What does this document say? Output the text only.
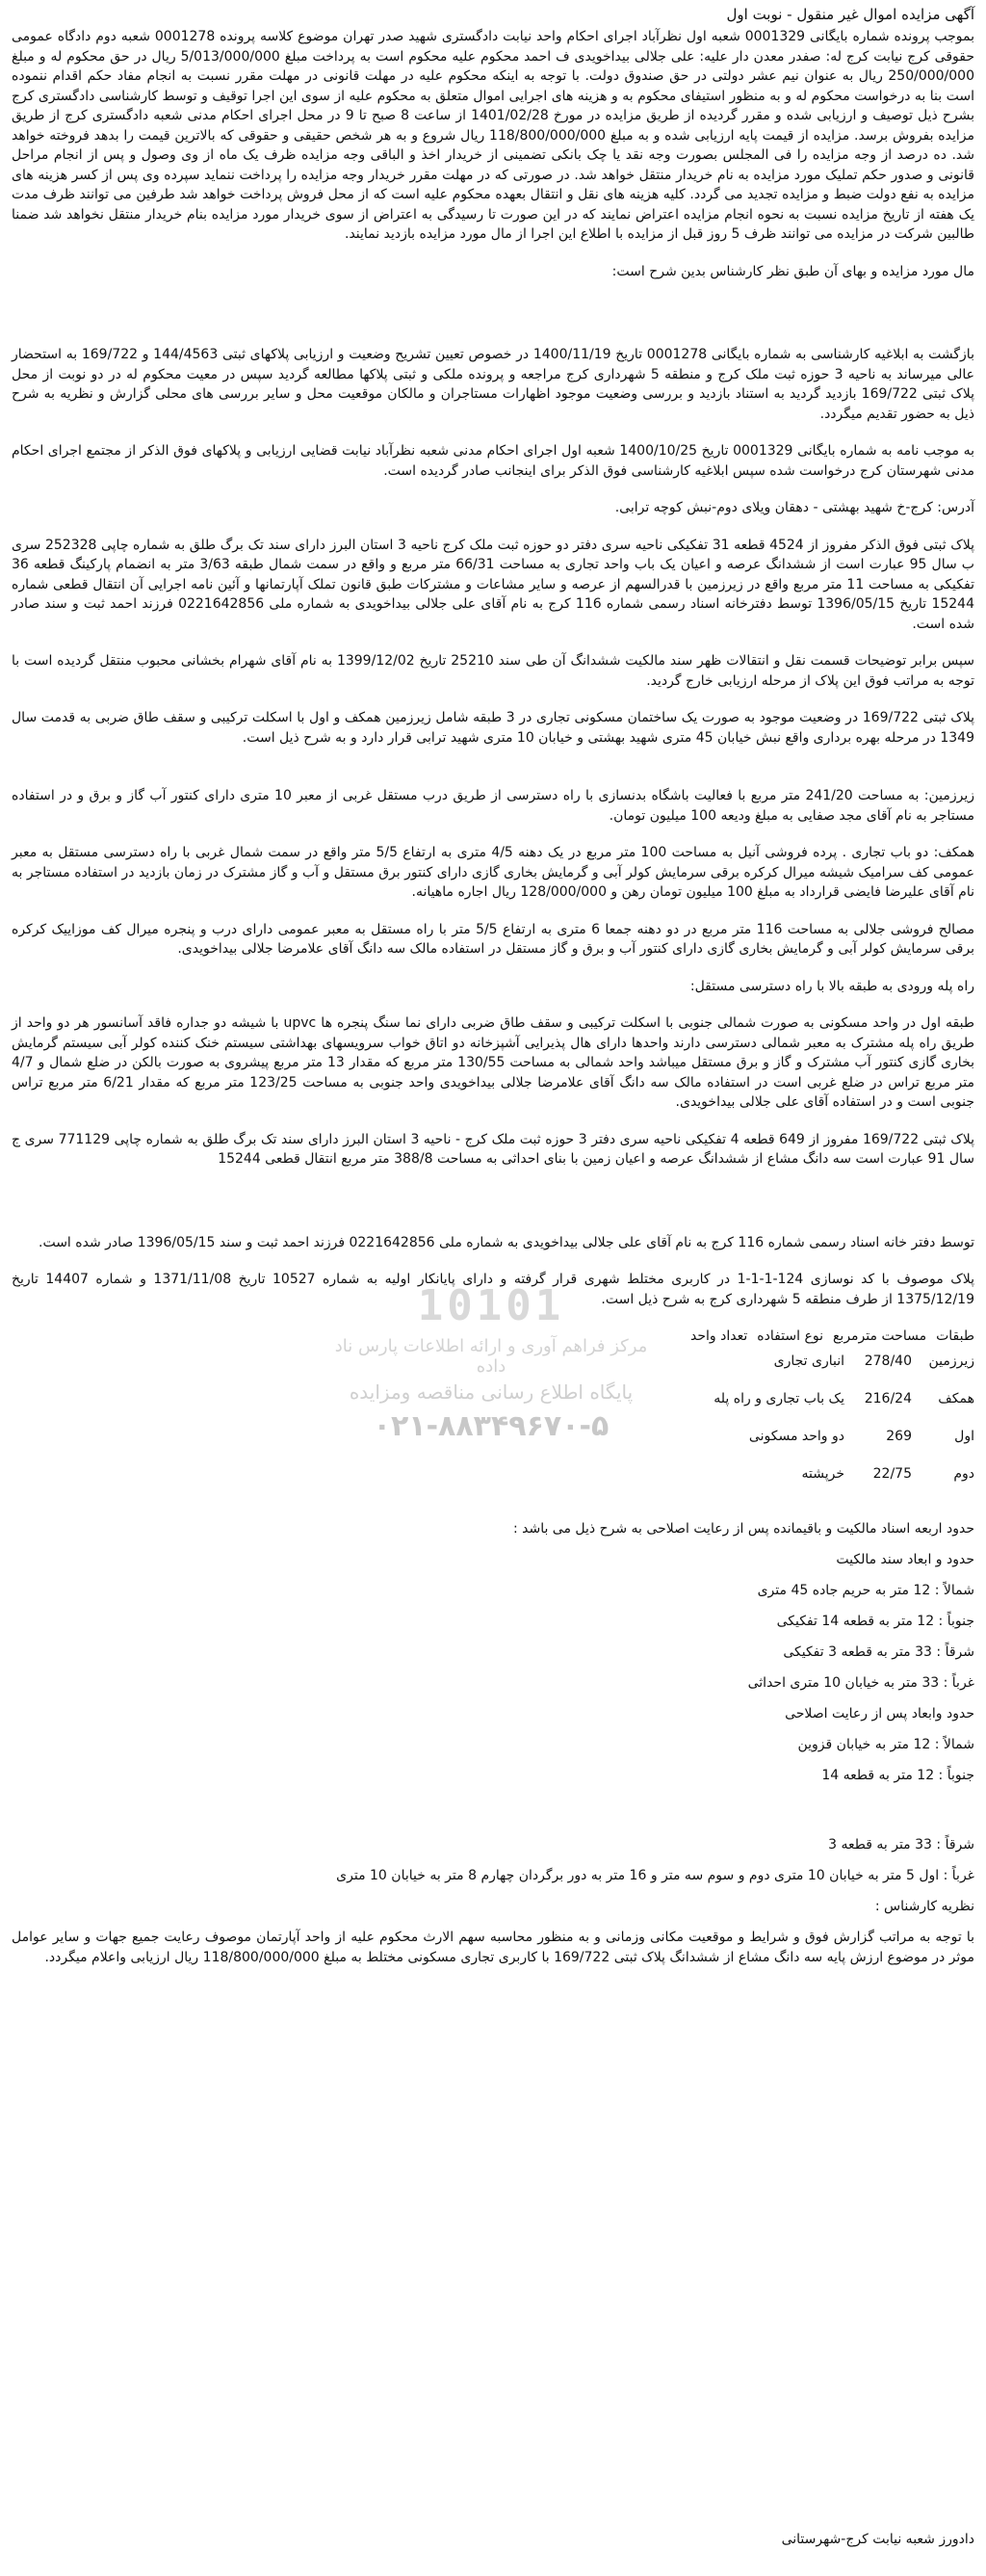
آگهی مزایده اموال غیر منقول - نوبت اول

بموجب پرونده شماره بایگانی 0001329 شعبه اول نظرآباد اجرای احکام واحد نیابت دادگستری شهید صدر تهران موضوع کلاسه پرونده 0001278 شعبه دوم دادگاه عمومی حقوقی کرج نیابت کرج له: صفدر معدن دار علیه: علی جلالی بیداخویدی ف احمد محکوم علیه محکوم است به پرداخت مبلغ 5/013/000/000 ریال در حق محکوم له و مبلغ 250/000/000 ریال به عنوان نیم عشر دولتی در حق صندوق دولت. با توجه به اینکه محکوم علیه در مهلت قانونی در مهلت مقرر نسبت به انجام مفاد حکم اقدام ننموده است بنا به درخواست محکوم له و به منظور استیفای محکوم به و هزینه های اجرایی اموال متعلق به محکوم علیه از سوی این اجرا توقیف و توسط کارشناسی دادگستری کرج بشرح ذیل توصیف و ارزیابی شده و مقرر گردیده از طریق مزایده در مورخ 1401/02/28 از ساعت 8 صبح تا 9 در محل اجرای احکام مدنی شعبه دادگستری کرج از طریق مزایده بفروش برسد. مزایده از قیمت پایه ارزیابی شده و به مبلغ 118/800/000/000 ریال شروع و به هر شخص حقیقی و حقوقی که بالاترین قیمت را بدهد فروخته خواهد شد. ده درصد از وجه مزایده را فی المجلس بصورت وجه نقد یا چک بانکی تضمینی از خریدار اخذ و الباقی وجه مزایده ظرف یک ماه از وی وصول و پس از انجام مراحل قانونی و صدور حکم تملیک مورد مزایده به نام خریدار منتقل خواهد شد. در صورتی که در مهلت مقرر خریدار وجه مزایده را پرداخت ننماید سپرده وی پس از کسر هزینه های مزایده به نفع دولت ضبط و مزایده تجدید می گردد. کلیه هزینه های نقل و انتقال بعهده محکوم علیه است که از محل فروش پرداخت خواهد شد طرفین می توانند ظرف مدت یک هفته از تاریخ مزایده نسبت به نحوه انجام مزایده اعتراض نمایند که در این صورت تا رسیدگی به اعتراض از سوی خریدار مورد مزایده بنام خریدار منتقل نخواهد شد ضمنا طالبین شرکت در مزایده می توانند ظرف 5 روز قبل از مزایده با اطلاع این اجرا از مال مورد مزایده بازدید نمایند.

مال مورد مزایده و بهای آن طبق نظر کارشناس بدین شرح است:

بازگشت به ابلاغیه کارشناسی به شماره بایگانی 0001278 تاریخ 1400/11/19 در خصوص تعیین تشریح وضعیت و ارزیابی پلاکهای ثبتی 144/4563 و 169/722 به استحضار عالی میرساند به ناحیه 3 حوزه ثبت ملک کرج و منطقه 5 شهرداری کرج مراجعه و پرونده ملکی و ثبتی پلاکها مطالعه گردید سپس در معیت محکوم له در دو نوبت از محل پلاک ثبتی 169/722 بازدید گردید به استناد بازدید و بررسی وضعیت موجود اظهارات مستاجران و مالکان موقعیت محل و سایر بررسی های محلی گزارش و نظریه به شرح ذیل به حضور تقدیم میگردد.

به موجب نامه به شماره بایگانی 0001329 تاریخ 1400/10/25 شعبه اول اجرای احکام مدنی شعبه نظرآباد نیابت قضایی ارزیابی و پلاکهای فوق الذکر از مجتمع اجرای احکام مدنی شهرستان کرج درخواست شده سپس ابلاغیه کارشناسی فوق الذکر برای اینجانب صادر گردیده است.

آدرس: کرج-خ شهید بهشتی - دهقان ویلای دوم-نبش کوچه ترابی.

پلاک ثبتی فوق الذکر مفروز از 4524 قطعه 31 تفکیکی ناحیه سری دفتر دو حوزه ثبت ملک کرج ناحیه 3 استان البرز دارای سند تک برگ طلق به شماره چاپی 252328 سری ب سال 95 عبارت است از ششدانگ عرصه و اعیان یک باب واحد تجاری به مساحت 66/31 متر مربع و واقع در سمت شمال طبقه 3/63 متر به انضمام پارکینگ قطعه 36 تفکیکی به مساحت 11 متر مربع واقع در زیرزمین با قدرالسهم از عرصه و سایر مشاعات و مشترکات طبق قانون تملک آپارتمانها و آئین نامه اجرایی آن انتقال قطعی شماره 15244 تاریخ 1396/05/15 توسط دفترخانه اسناد رسمی شماره 116 کرج به نام آقای علی جلالی بیداخویدی به شماره ملی 0221642856 فرزند احمد ثبت و سند صادر شده است.

سپس برابر توضیحات قسمت نقل و انتقالات ظهر سند مالکیت ششدانگ آن طی سند 25210 تاریخ 1399/12/02 به نام آقای شهرام بخشانی محبوب منتقل گردیده است با توجه به مراتب فوق این پلاک از مرحله ارزیابی خارج گردید.

پلاک ثبتی 169/722 در وضعیت موجود به صورت یک ساختمان مسکونی تجاری در 3 طبقه شامل زیرزمین همکف و اول با اسکلت ترکیبی و سقف طاق ضربی به قدمت سال 1349 در مرحله بهره برداری واقع نبش خیابان 45 متری شهید بهشتی و خیابان 10 متری شهید ترابی قرار دارد و به شرح ذیل است.

زیرزمین: به مساحت 241/20 متر مربع با فعالیت باشگاه بدنسازی با راه دسترسی از طریق درب مستقل غربی از معبر 10 متری دارای کنتور آب گاز و برق و در استفاده مستاجر به نام آقای مجد صفایی به مبلغ ودیعه 100 میلیون تومان.

همکف: دو باب تجاری . پرده فروشی آنیل به مساحت 100 متر مربع در یک دهنه 4/5 متری به ارتفاع 5/5 متر واقع در سمت شمال غربی با راه دسترسی مستقل به معبر عمومی کف سرامیک شیشه میرال کرکره برقی سرمایش کولر آبی و گرمایش بخاری گازی دارای کنتور برق مستقل و آب و گاز مشترک در زمان بازدید در استفاده مستاجر به نام آقای علیرضا فایضی قرارداد به مبلغ 100 میلیون تومان رهن و 128/000/000 ریال اجاره ماهیانه.

مصالح فروشی جلالی به مساحت 116 متر مربع در دو دهنه جمعا 6 متری به ارتفاع 5/5 متر با راه مستقل به معبر عمومی دارای درب و پنجره میرال کف موزاییک کرکره برقی سرمایش کولر آبی و گرمایش بخاری گازی دارای کنتور آب و برق و گاز مستقل در استفاده مالک سه دانگ آقای علامرضا جلالی بیداخویدی.

راه پله ورودی به طبقه بالا با راه دسترسی مستقل:

طبقه اول در واحد مسکونی به صورت شمالی جنوبی با اسکلت ترکیبی و سقف طاق ضربی دارای نما سنگ پنجره ها upvc با شیشه دو جداره فاقد آسانسور هر دو واحد از طریق راه پله مشترک به معبر شمالی دسترسی دارند واحدها دارای هال پذیرایی آشپزخانه دو اتاق خواب سرویسهای بهداشتی سیستم خنک کننده کولر آبی سیستم گرمایش بخاری گازی کنتور آب مشترک و گاز و برق مستقل میباشد واحد شمالی به مساحت 130/55 متر مربع که مقدار 13 متر مربع پیشروی به صورت بالکن در ضلع شمال و 4/7 متر مربع تراس در ضلع غربی است در استفاده مالک سه دانگ آقای علامرضا جلالی بیداخویدی واحد جنوبی به مساحت 123/25 متر مربع که مقدار 6/21 متر مربع تراس جنوبی است و در استفاده آقای علی جلالی بیداخویدی.

پلاک ثبتی 169/722 مفروز از 649 قطعه 4 تفکیکی ناحیه سری دفتر 3 حوزه ثبت ملک کرج - ناحیه 3 استان البرز دارای سند تک برگ طلق به شماره چاپی 771129 سری ج سال 91 عبارت است سه دانگ مشاع از ششدانگ عرصه و اعیان زمین با بنای احداثی به مساحت 388/8 متر مربع انتقال قطعی 15244

توسط دفتر خانه اسناد رسمی شماره 116 کرج به نام آقای علی جلالی بیداخویدی به شماره ملی 0221642856 فرزند احمد ثبت و سند 1396/05/15 صادر شده است.

پلاک موصوف با کد نوسازی 124-1-1-1 در کاربری مختلط شهری قرار گرفته و دارای پایانکار اولیه به شماره 10527 تاریخ 1371/11/08 و شماره 14407 تاریخ 1375/12/19 از طرف منطقه 5 شهرداری کرج به شرح ذیل است.

طبقات
مساحت مترمربع
نوع استفاده
تعداد واحد
زیرزمین
278/40
انباری تجاری
همکف
216/24
یک باب تجاری و راه پله
اول
269
دو واحد مسکونی
دوم
22/75
خرپشته

حدود اربعه اسناد مالکیت و باقیمانده پس از رعایت اصلاحی به شرح ذیل می باشد :

حدود و ابعاد سند مالکیت

شمالاً : 12 متر به حریم جاده 45 متری

جنوباً : 12 متر به قطعه 14 تفکیکی

شرقاً : 33 متر به قطعه 3 تفکیکی

غرباً : 33 متر به خیابان 10 متری احداثی

حدود وابعاد پس از رعایت اصلاحی

شمالاً : 12 متر به خیابان قزوین

جنوباً : 12 متر به قطعه 14

شرقاً : 33 متر به قطعه 3

غرباً : اول 5 متر به خیابان 10 متری دوم و سوم سه متر و 16 متر به دور برگردان چهارم 8 متر به خیابان 10 متری

نظریه کارشناس :

با توجه به مراتب گزارش فوق و شرایط و موقعیت مکانی وزمانی و به منظور محاسبه سهم الارث محکوم علیه از واحد آپارتمان موصوف رعایت جمیع جهات و سایر عوامل موثر در موضوع ارزش پایه سه دانگ مشاع از ششدانگ پلاک ثبتی 169/722 با کاربری تجاری مسکونی مختلط به مبلغ 118/800/000/000 ریال ارزیابی واعلام میگردد.

10101
مرکز فراهم آوری و ارائه اطلاعات پارس ناد داده
پایگاه اطلاع رسانی مناقصه ومزایده
۰۲۱-۸۸۳۴۹۶۷۰-۵
دادورز شعبه نیابت کرج-شهرستانی
